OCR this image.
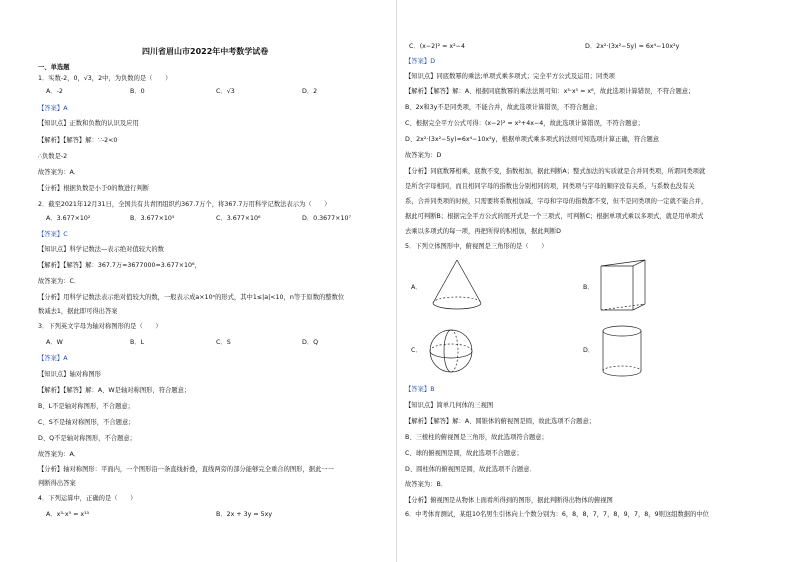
四川省眉山市2022年中考数学试卷
一、单选题
1．实数-2，0，√3，2中，为负数的是（　　）
A．-2	B．0	C．√3	D．2
【答案】A
【知识点】正数和负数的认识及应用
【解析】【解答】解：∵-2<0
∴负数是-2
故答案为：A．
【分析】根据负数是小于0的数进行判断
2．截至2021年12月31日，全国共有共青团组织约367.7万个，将367.7万用科学记数法表示为（　　）
A．3.677×10²	B．3.677×10⁵	C．3.677×10⁶	D．0.3677×10⁷
【答案】C
【知识点】科学记数法—表示绝对值较大的数
【解析】【解答】解：367.7万=3677000=3.677×10⁶，
故答案为：C．
【分析】用科学记数法表示绝对值较大的数，一般表示成a×10ⁿ的形式，其中1≤|a|<10，n等于原数的整数位
数减去1，据此即可得出答案
3．下列英文字母为轴对称图形的是（　　）
A．W	B．L	C．S	D．Q
【答案】A
【知识点】轴对称图形
【解析】【解答】解：A、W是轴对称图形，符合题意；
B、L不是轴对称图形，不合题意；
C、S不是轴对称图形，不合题意；
D、Q不是轴对称图形，不合题意；
故答案为：A．
【分析】轴对称图形：平面内，一个图形沿一条直线折叠，直线两旁的部分能够完全重合的图形，据此一一
判断得出答案
4．下列运算中，正确的是（　　）
A．x³·x⁵ = x¹⁵	B．2x + 3y = 5xy
C．(x−2)² = x²−4	D．2x²·(3x²−5y) = 6x⁴−10x²y
【答案】D
【知识点】同底数幂的乘法;单项式乘多项式；完全平方公式及运用；同类项
【解析】【解答】解：A、根据同底数幂的乘法法则可知：x³·x⁵ = x⁸，故此选项计算错误，不符合题意；
B、2x和3y不是同类项，不能合并，故此选项计算错误，不符合题意；
C、根据完全平方公式可得：(x−2)² = x²+4x−4，故此选项计算错误，不符合题意；
D、2x²·(3x²−5y)=6x⁴−10x²y，根据单项式乘多项式的法则可知选项计算正确，符合题意
故答案为：D
【分析】同底数幂相乘，底数不变，指数相加，据此判断A；整式加法的实质就是合并同类项，所谓同类项就
是所含字母相同，而且相同字母的指数也分别相同的项，同类项与字母的顺序没有关系，与系数也没有关
系，合并同类项的时候，只需要将系数相加减，字母和字母的指数都不变，但不是同类项的一定就不能合并，
据此可判断B；根据完全平方公式的展开式是一个三项式，可判断C；根据单项式乘以多项式，就是用单项式
去乘以多项式的每一项，再把所得的积相加，据此判断D
5．下列立体图形中，俯视图是三角形的是（　　）
A．	B．
C．	D．
【答案】B
【知识点】简单几何体的三视图
【解析】【解答】解：A、圆锥体的俯视图是圆，故此选项不合题意；
B、三棱柱的俯视图是三角形，故此选项符合题意；
C、球的俯视图是圆，故此选项不合题意；
D、圆柱体的俯视图是圆，故此选项不合题意．
故答案为：B．
【分析】俯视图是从物体上面看所得到的图形，据此判断得出物体的俯视图
6．中考体育测试，某组10名男生引体向上个数分别为：6，8，8，7，7，8，9，7，8，9则这组数据的中位
